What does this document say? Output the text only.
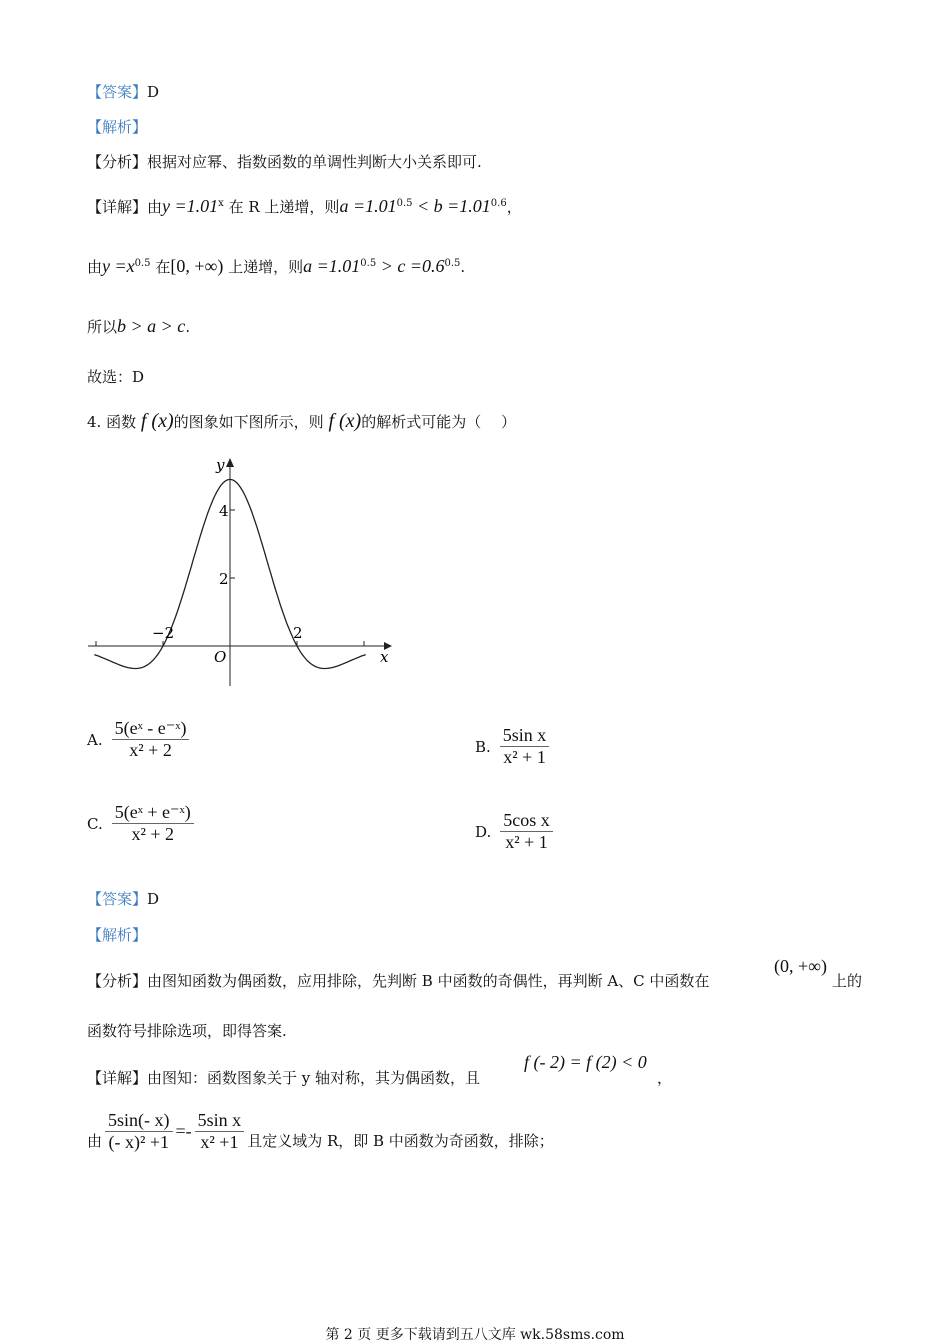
【答案】D
【解析】
【分析】根据对应幂、指数函数的单调性判断大小关系即可.
【详解】由$y =1.01^x$ 在 R 上递增，则$a =1.01^{0.5} < b =1.01^{0.6}$，
由$y =x^{0.5}$ 在[0, +∞) 上递增，则$a =1.01^{0.5} > c =0.6^{0.5}$.
所以b > a > c.
故选：D
4. 函数 f (x)的图象如下图所示，则 f (x)的解析式可能为（　 ）
y
x
O
4
2
−2	2
A. $\frac{\text{5(eˣ - e⁻ˣ)}}{\text{x² + 2}}$	B. $\frac{\text{5sin x}}{\text{x² + 1}}$
C. $\frac{\text{5(eˣ + e⁻ˣ)}}{\text{x² + 2}}$	D. $\frac{\text{5cos x}}{\text{x² + 1}}$
【答案】D
【解析】
【分析】由图知函数为偶函数，应用排除，先判断 B 中函数的奇偶性，再判断 A、C 中函数在
(0, +∞)
上的
函数符号排除选项，即得答案.
【详解】由图知：函数图象关于 y 轴对称，其为偶函数，且
f (- 2) = f (2) < 0
，
由 $\frac{5\sin(- x)}{\text{(- x)² +1}} =- \frac{\text{5sin x}}{\text{x² +1}}$ 且定义域为 R，即 B 中函数为奇函数，排除；
第 2 页 更多下载请到五八文库 wk.58sms.com
